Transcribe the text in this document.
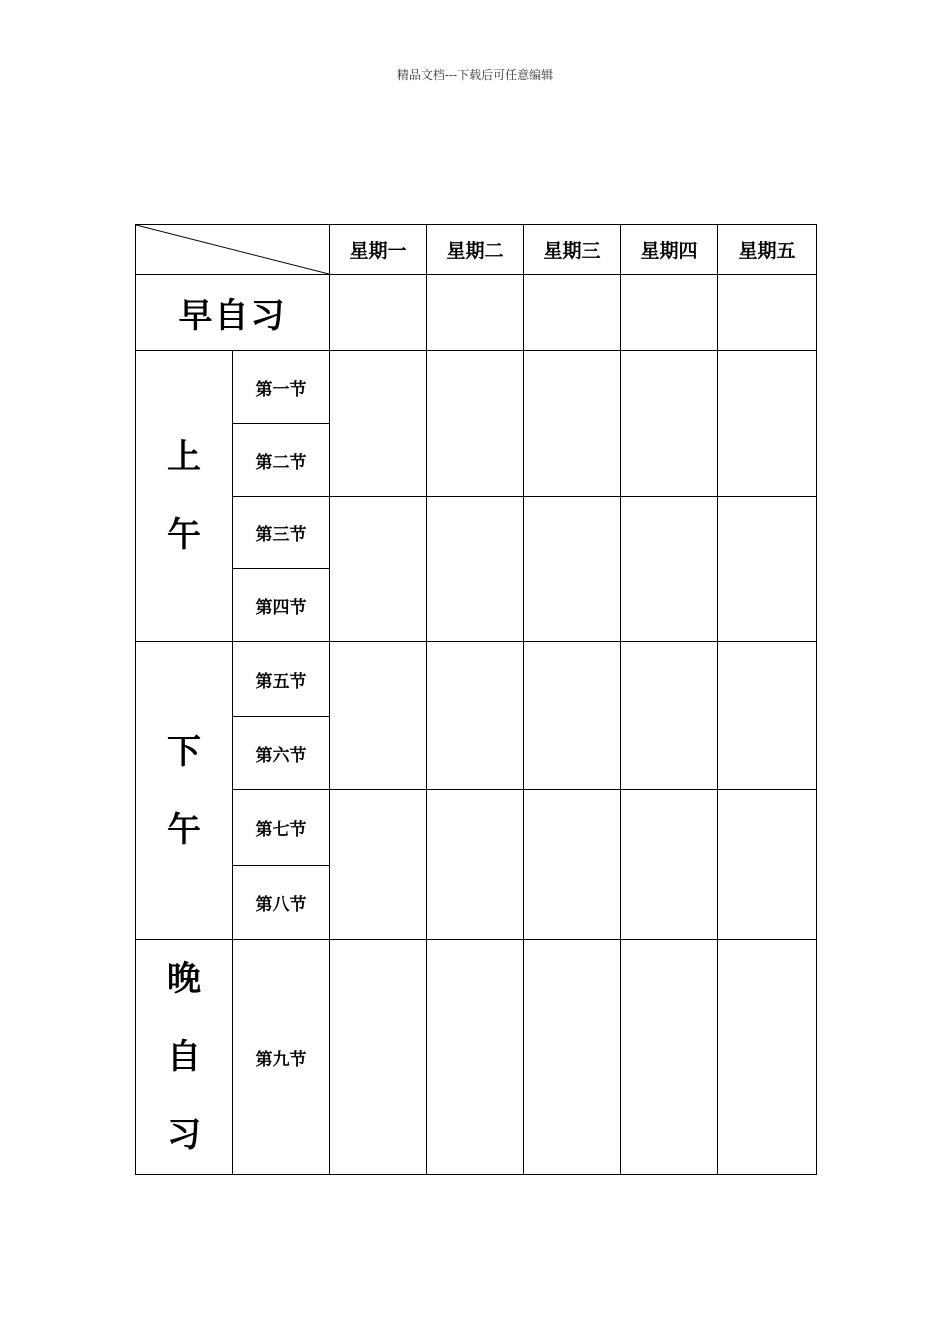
精品文档---下载后可任意编辑
	星期一	星期二	星期三	星期四	星期五
早自习						

上
午	第一节					
	第二节					
	第三节					
	第四节					

下
午	第五节					
	第六节					
	第七节					
	第八节					

晚
自
习	第九节					
